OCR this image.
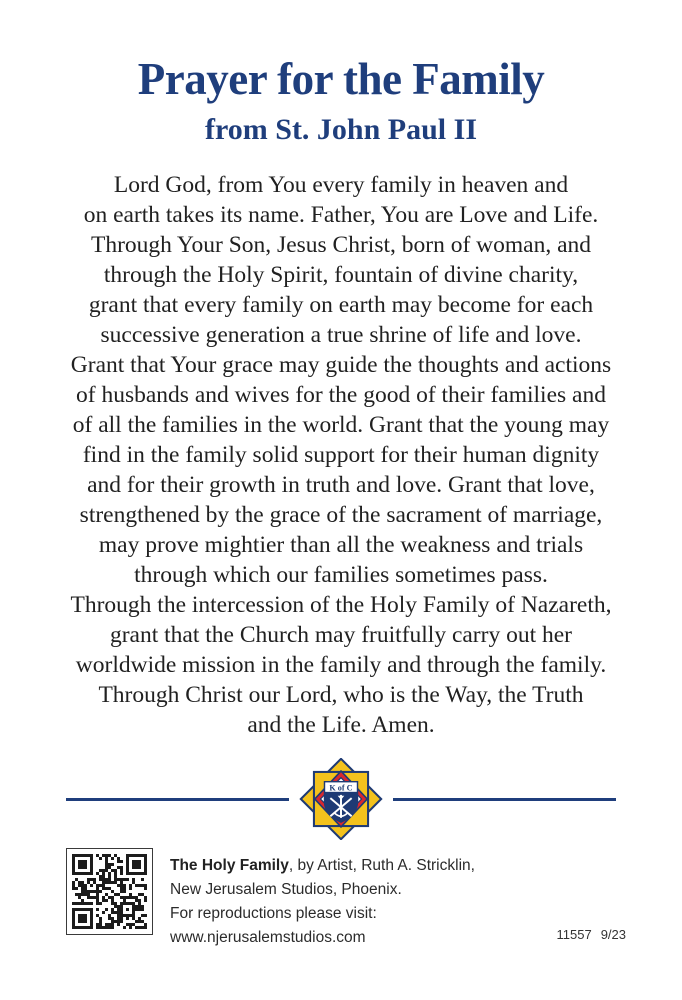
Prayer for the Family
from St. John Paul II
Lord God, from You every family in heaven and
on earth takes its name. Father, You are Love and Life.
Through Your Son, Jesus Christ, born of woman, and
through the Holy Spirit, fountain of divine charity,
grant that every family on earth may become for each
successive generation a true shrine of life and love.
Grant that Your grace may guide the thoughts and actions
of husbands and wives for the good of their families and
of all the families in the world. Grant that the young may
find in the family solid support for their human dignity
and for their growth in truth and love. Grant that love,
strengthened by the grace of the sacrament of marriage,
may prove mightier than all the weakness and trials
through which our families sometimes pass.
Through the intercession of the Holy Family of Nazareth,
grant that the Church may fruitfully carry out her
worldwide mission in the family and through the family.
Through Christ our Lord, who is the Way, the Truth
and the Life. Amen.
K of C
The Holy Family, by Artist, Ruth A. Stricklin,
New Jerusalem Studios, Phoenix.
For reproductions please visit:
www.njerusalemstudios.com	11557 9/23
